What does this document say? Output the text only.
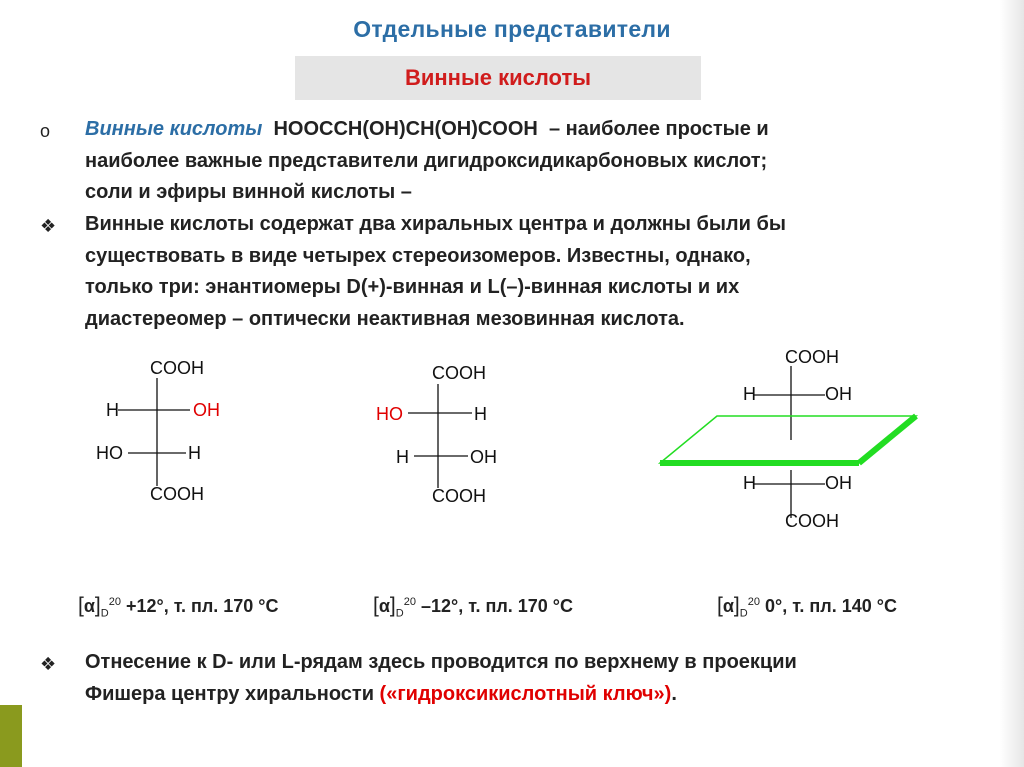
Отдельные представители
Винные кислоты
o Винные кислоты HOOCCH(OH)CH(OH)COOH – наиболее простые и
наиболее важные представители дигидроксидикарбоновых кислот;
соли и эфиры винной кислоты –
❖ Винные кислоты содержат два хиральных центра и должны были бы
существовать в виде четырех стереоизомеров. Известны, однако,
только три: энантиомеры D(+)-винная и L(–)-винная кислоты и их
диастереомер – оптически неактивная мезовинная кислота.
COOH
H	OH
HO	H
COOH
COOH
HO	H
H	OH
COOH
COOH
H	OH
H	OH
COOH
$[\alpha]_D^{20} +12^\circ$, т. пл. 170 °С	$[\alpha]_D^{20}$ –12°, т. пл. 170 °С	$[\alpha]_D^{20}$ 0°, т. пл. 140 °С
❖ Отнесение к D- или L-рядам здесь проводится по верхнему в проекции
Фишера центру хиральности («гидроксикислотный ключ»).
